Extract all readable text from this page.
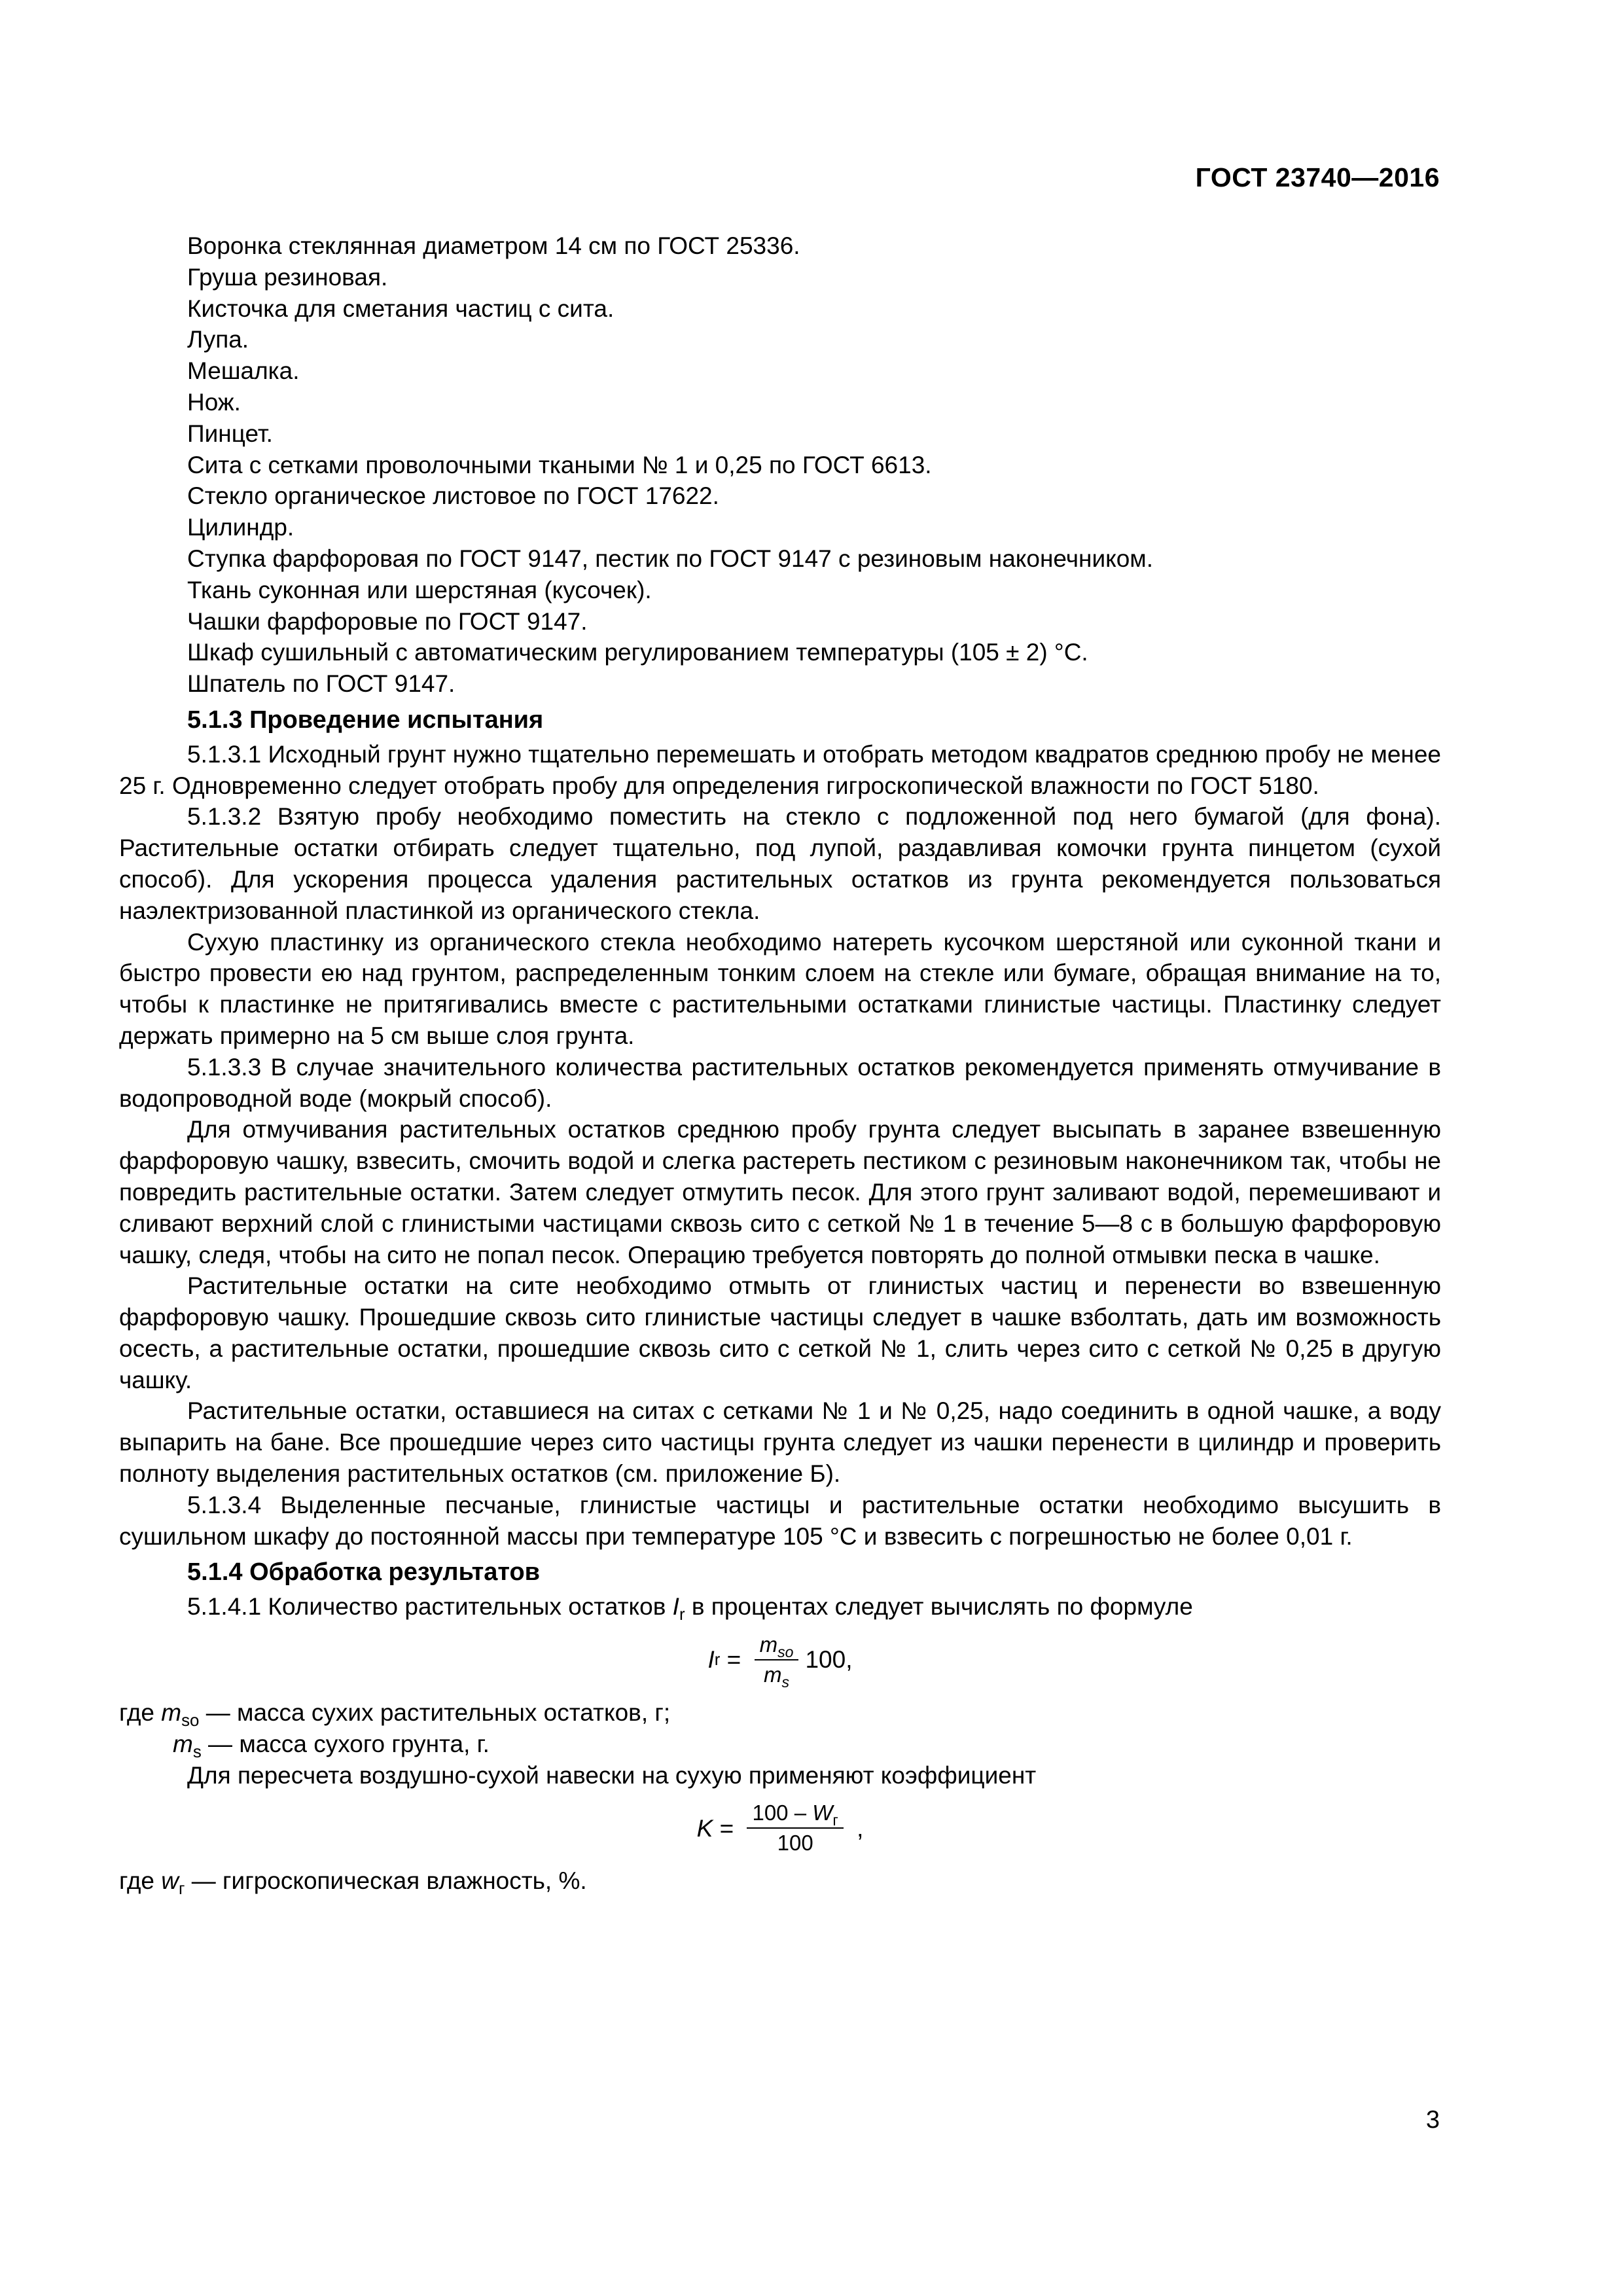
ГОСТ 23740—2016

Воронка стеклянная диаметром 14 см по ГОСТ 25336.

Груша резиновая.

Кисточка для сметания частиц с сита.

Лупа.

Мешалка.

Нож.

Пинцет.

Сита с сетками проволочными ткаными № 1 и 0,25 по ГОСТ 6613.

Стекло органическое листовое по ГОСТ 17622.

Цилиндр.

Ступка фарфоровая по ГОСТ 9147, пестик по ГОСТ 9147 с резиновым наконечником.

Ткань суконная или шерстяная (кусочек).

Чашки фарфоровые по ГОСТ 9147.

Шкаф сушильный с автоматическим регулированием температуры (105 ± 2) °С.

Шпатель по ГОСТ 9147.

5.1.3 Проведение испытания

5.1.3.1 Исходный грунт нужно тщательно перемешать и отобрать методом квадратов среднюю пробу не менее 25 г. Одновременно следует отобрать пробу для определения гигроскопической влажности по ГОСТ 5180.

5.1.3.2 Взятую пробу необходимо поместить на стекло с подложенной под него бумагой (для фона). Растительные остатки отбирать следует тщательно, под лупой, раздавливая комочки грунта пинцетом (сухой способ). Для ускорения процесса удаления растительных остатков из грунта рекомендуется пользоваться наэлектризованной пластинкой из органического стекла.

Сухую пластинку из органического стекла необходимо натереть кусочком шерстяной или суконной ткани и быстро провести ею над грунтом, распределенным тонким слоем на стекле или бумаге, обращая внимание на то, чтобы к пластинке не притягивались вместе с растительными остатками глинистые частицы. Пластинку следует держать примерно на 5 см выше слоя грунта.

5.1.3.3 В случае значительного количества растительных остатков рекомендуется применять отмучивание в водопроводной воде (мокрый способ).

Для отмучивания растительных остатков среднюю пробу грунта следует высыпать в заранее взвешенную фарфоровую чашку, взвесить, смочить водой и слегка растереть пестиком с резиновым наконечником так, чтобы не повредить растительные остатки. Затем следует отмутить песок. Для этого грунт заливают водой, перемешивают и сливают верхний слой с глинистыми частицами сквозь сито с сеткой № 1 в течение 5—8 с в большую фарфоровую чашку, следя, чтобы на сито не попал песок. Операцию требуется повторять до полной отмывки песка в чашке.

Растительные остатки на сите необходимо отмыть от глинистых частиц и перенести во взвешенную фарфоровую чашку. Прошедшие сквозь сито глинистые частицы следует в чашке взболтать, дать им возможность осесть, а растительные остатки, прошедшие сквозь сито с сеткой № 1, слить через сито с сеткой № 0,25 в другую чашку.

Растительные остатки, оставшиеся на ситах с сетками № 1 и № 0,25, надо соединить в одной чашке, а воду выпарить на бане. Все прошедшие через сито частицы грунта следует из чашки перенести в цилиндр и проверить полноту выделения растительных остатков (см. приложение Б).

5.1.3.4 Выделенные песчаные, глинистые частицы и растительные остатки необходимо высушить в сушильном шкафу до постоянной массы при температуре 105 °С и взвесить с погрешностью не более 0,01 г.

5.1.4 Обработка результатов

5.1.4.1 Количество растительных остатков $I_r$ в процентах следует вычислять по формуле

I $r = \frac{m_{so}}{m_s} 100$,

где $m_{so}$ — масса сухих растительных остатков, г;

$m_s$ — масса сухого грунта, г.

Для пересчета воздушно-сухой навески на сухую применяют коэффициент

$K = \frac{100 - W_г}{100}$ ,

где $w_г$ — гигроскопическая влажность, %.

3
